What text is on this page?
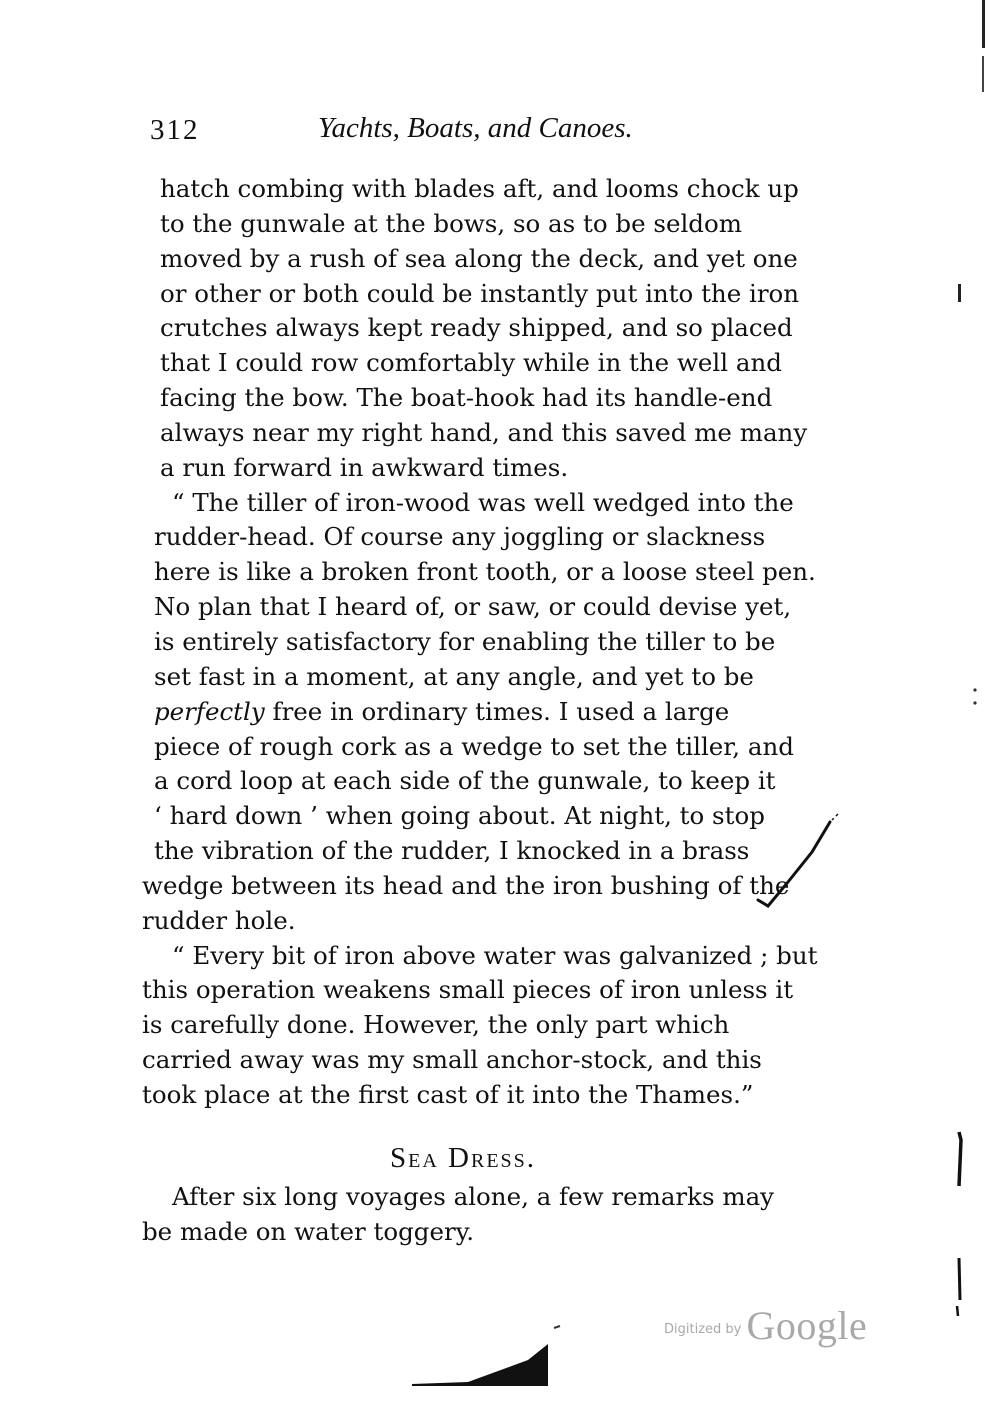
312	Yachts, Boats, and Canoes.
hatch combing with blades aft, and looms chock up
to the gunwale at the bows, so as to be seldom
moved by a rush of sea along the deck, and yet one
or other or both could be instantly put into the iron
crutches always kept ready shipped, and so placed
that I could row comfortably while in the well and
facing the bow. The boat-hook had its handle-end
always near my right hand, and this saved me many
a run forward in awkward times.
“ The tiller of iron-wood was well wedged into the
rudder-head. Of course any joggling or slackness
here is like a broken front tooth, or a loose steel pen.
No plan that I heard of, or saw, or could devise yet,
is entirely satisfactory for enabling the tiller to be
set fast in a moment, at any angle, and yet to be
perfectly free in ordinary times. I used a large
piece of rough cork as a wedge to set the tiller, and
a cord loop at each side of the gunwale, to keep it
‘ hard down ’ when going about. At night, to stop
the vibration of the rudder, I knocked in a brass
wedge between its head and the iron bushing of the
rudder hole.
“ Every bit of iron above water was galvanized ; but
this operation weakens small pieces of iron unless it
is carefully done. However, the only part which
carried away was my small anchor-stock, and this
took place at the first cast of it into the Thames.”
Sea Dress.
After six long voyages alone, a few remarks may
be made on water toggery.
$^{Digitized by}$ Google
